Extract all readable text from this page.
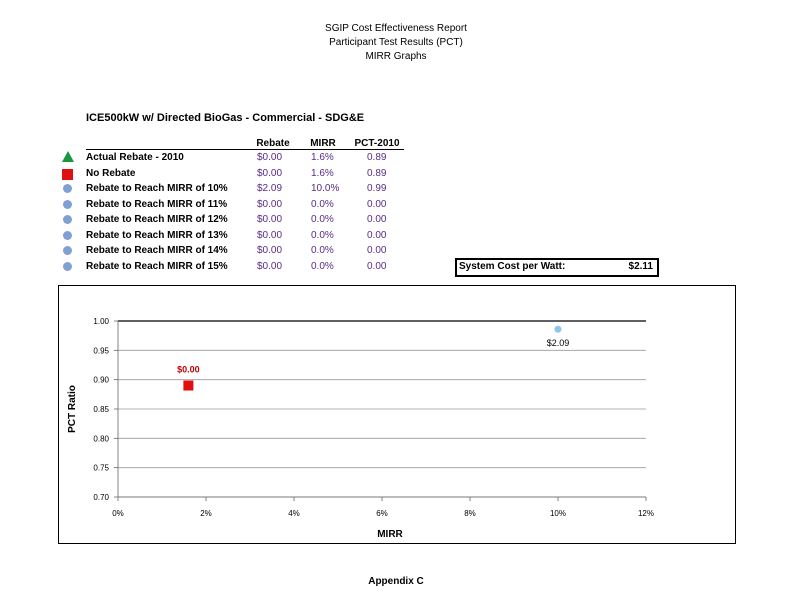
SGIP Cost Effectiveness Report
Participant Test Results (PCT)
MIRR Graphs
ICE500kW w/ Directed BioGas - Commercial - SDG&E
Rebate	MIRR	PCT-2010
Actual Rebate - 2010	$0.00	1.6%	0.89
No Rebate	$0.00	1.6%	0.89
Rebate to Reach MIRR of 10%	$2.09	10.0%	0.99
Rebate to Reach MIRR of 11%	$0.00	0.0%	0.00
Rebate to Reach MIRR of 12%	$0.00	0.0%	0.00
Rebate to Reach MIRR of 13%	$0.00	0.0%	0.00
Rebate to Reach MIRR of 14%	$0.00	0.0%	0.00
Rebate to Reach MIRR of 15%	$0.00	0.0%	0.00	System Cost per Watt:	$2.11
0.70
0.75
0.80
0.85
0.90
0.95
1.00
0%	2%	4%	6%	8%	10%	12%
MIRR
PCT Ratio
$0.00
$2.09
Appendix C
